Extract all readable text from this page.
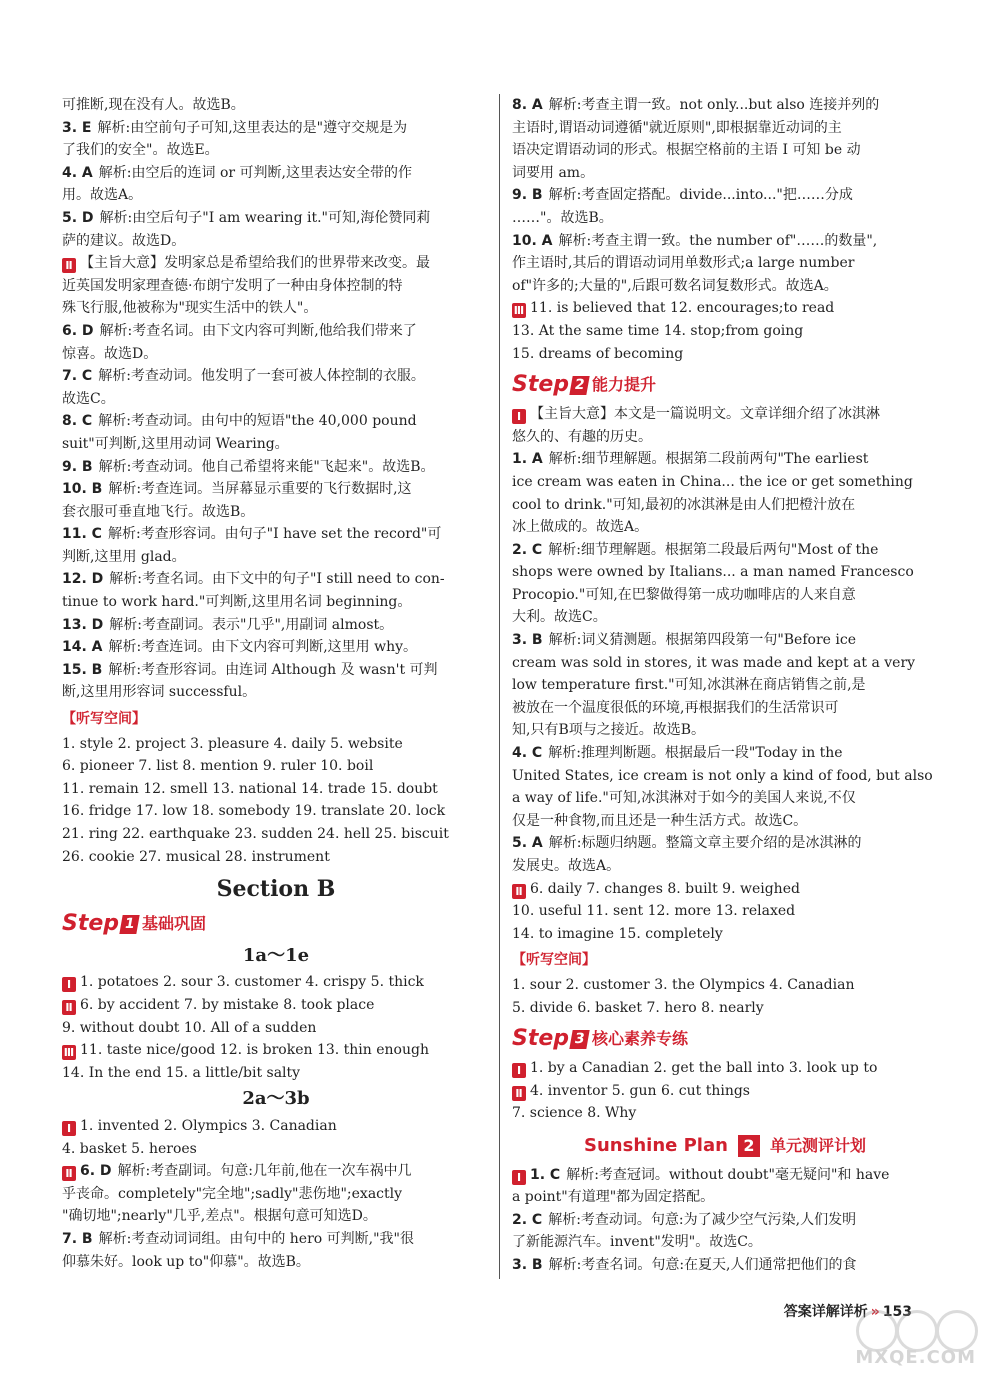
可推断,现在没有人。故选B。
3. E 解析:由空前句子可知,这里表达的是"遵守交规是为
了我们的安全"。故选E。
4. A 解析:由空后的连词 or 可判断,这里表达安全带的作
用。故选A。
5. D 解析:由空后句子"I am wearing it."可知,海伦赞同莉
萨的建议。故选D。
Ⅱ 【主旨大意】发明家总是希望给我们的世界带来改变。最
近英国发明家理查德·布朗宁发明了一种由身体控制的特
殊飞行服,他被称为"现实生活中的铁人"。
6. D 解析:考查名词。由下文内容可判断,他给我们带来了
惊喜。故选D。
7. C 解析:考查动词。他发明了一套可被人体控制的衣服。
故选C。
8. C 解析:考查动词。由句中的短语"the 40,000 pound
suit"可判断,这里用动词 Wearing。
9. B 解析:考查动词。他自己希望将来能"飞起来"。故选B。
10. B 解析:考查连词。当屏幕显示重要的飞行数据时,这
套衣服可垂直地飞行。故选B。
11. C 解析:考查形容词。由句子"I have set the record"可
判断,这里用 glad。
12. D 解析:考查名词。由下文中的句子"I still need to con-
tinue to work hard."可判断,这里用名词 beginning。
13. D 解析:考查副词。表示"几乎",用副词 almost。
14. A 解析:考查连词。由下文内容可判断,这里用 why。
15. B 解析:考查形容词。由连词 Although 及 wasn't 可判
断,这里用形容词 successful。
【听写空间】
1. style 2. project 3. pleasure 4. daily 5. website
6. pioneer 7. list 8. mention 9. ruler 10. boil
11. remain 12. smell 13. national 14. trade 15. doubt
16. fridge 17. low 18. somebody 19. translate 20. lock
21. ring 22. earthquake 23. sudden 24. hell 25. biscuit
26. cookie 27. musical 28. instrument
Section B
Step 1 基础巩固
1a～1e
Ⅰ 1. potatoes 2. sour 3. customer 4. crispy 5. thick
Ⅱ 6. by accident 7. by mistake 8. took place
9. without doubt 10. All of a sudden
Ⅲ 11. taste nice/good 12. is broken 13. thin enough
14. In the end 15. a little/bit salty
2a～3b
Ⅰ 1. invented 2. Olympics 3. Canadian
4. basket 5. heroes
Ⅱ 6. D 解析:考查副词。句意:几年前,他在一次车祸中几
乎丧命。completely"完全地";sadly"悲伤地";exactly
"确切地";nearly"几乎,差点"。根据句意可知选D。
7. B 解析:考查动词词组。由句中的 hero 可判断,"我"很
仰慕朱好。look up to"仰慕"。故选B。
8. A 解析:考查主谓一致。not only...but also 连接并列的
主语时,谓语动词遵循"就近原则",即根据靠近动词的主
语决定谓语动词的形式。根据空格前的主语 I 可知 be 动
词要用 am。
9. B 解析:考查固定搭配。divide...into..."把……分成
……"。故选B。
10. A 解析:考查主谓一致。the number of"……的数量",
作主语时,其后的谓语动词用单数形式;a large number
of"许多的;大量的",后跟可数名词复数形式。故选A。
Ⅲ 11. is believed that 12. encourages;to read
13. At the same time 14. stop;from going
15. dreams of becoming
Step 2 能力提升
Ⅰ 【主旨大意】本文是一篇说明文。文章详细介绍了冰淇淋
悠久的、有趣的历史。
1. A 解析:细节理解题。根据第二段前两句"The earliest
ice cream was eaten in China... the ice or get something
cool to drink."可知,最初的冰淇淋是由人们把橙汁放在
冰上做成的。故选A。
2. C 解析:细节理解题。根据第二段最后两句"Most of the
shops were owned by Italians... a man named Francesco
Procopio."可知,在巴黎做得第一成功咖啡店的人来自意
大利。故选C。
3. B 解析:词义猜测题。根据第四段第一句"Before ice
cream was sold in stores, it was made and kept at a very
low temperature first."可知,冰淇淋在商店销售之前,是
被放在一个温度很低的环境,再根据我们的生活常识可
知,只有B项与之接近。故选B。
4. C 解析:推理判断题。根据最后一段"Today in the
United States, ice cream is not only a kind of food, but also
a way of life."可知,冰淇淋对于如今的美国人来说,不仅
仅是一种食物,而且还是一种生活方式。故选C。
5. A 解析:标题归纳题。整篇文章主要介绍的是冰淇淋的
发展史。故选A。
Ⅱ 6. daily 7. changes 8. built 9. weighed
10. useful 11. sent 12. more 13. relaxed
14. to imagine 15. completely
【听写空间】
1. sour 2. customer 3. the Olympics 4. Canadian
5. divide 6. basket 7. hero 8. nearly
Step 3 核心素养专练
Ⅰ 1. by a Canadian 2. get the ball into 3. look up to
Ⅱ 4. inventor 5. gun 6. cut things
7. science 8. Why
Sunshine Plan 2 单元测评计划
Ⅰ 1. C 解析:考查冠词。without doubt"毫无疑问"和 have
a point"有道理"都为固定搭配。
2. C 解析:考查动词。句意:为了减少空气污染,人们发明
了新能源汽车。invent"发明"。故选C。
3. B 解析:考查名词。句意:在夏天,人们通常把他们的食
答案详解详析 » 153
MXQE.COM
